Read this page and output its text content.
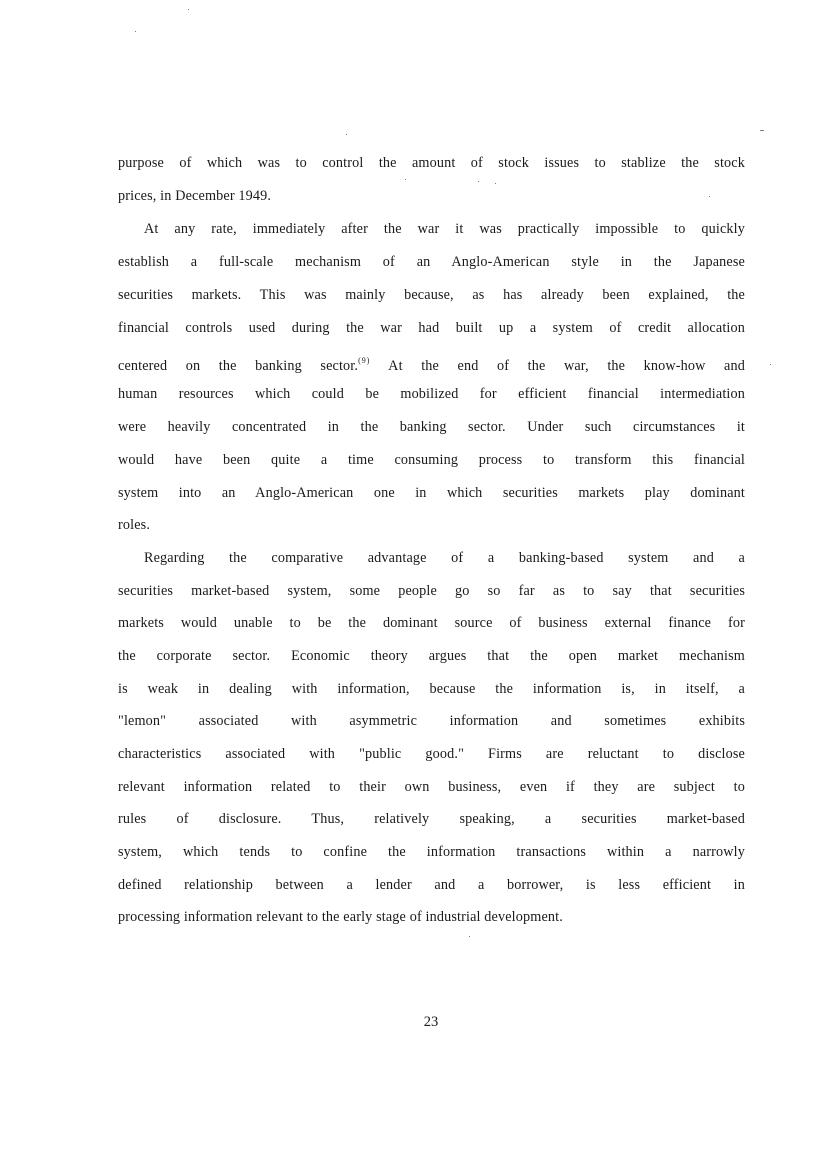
purpose of which was to control the amount of stock issues to stablize the stock
prices, in December 1949.
At any rate, immediately after the war it was practically impossible to quickly
establish a full-scale mechanism of an Anglo-American style in the Japanese
securities markets. This was mainly because, as has already been explained, the
financial controls used during the war had built up a system of credit allocation
centered on the banking sector.$^{(9)}$ At the end of the war, the know-how and
human resources which could be mobilized for efficient financial intermediation
were heavily concentrated in the banking sector. Under such circumstances it
would have been quite a time consuming process to transform this financial
system into an Anglo-American one in which securities markets play dominant
roles.
Regarding the comparative advantage of a banking-based system and a
securities market-based system, some people go so far as to say that securities
markets would unable to be the dominant source of business external finance for
the corporate sector. Economic theory argues that the open market mechanism
is weak in dealing with information, because the information is, in itself, a
"lemon" associated with asymmetric information and sometimes exhibits
characteristics associated with "public good." Firms are reluctant to disclose
relevant information related to their own business, even if they are subject to
rules of disclosure. Thus, relatively speaking, a securities market-based
system, which tends to confine the information transactions within a narrowly
defined relationship between a lender and a borrower, is less efficient in
processing information relevant to the early stage of industrial development.
23
